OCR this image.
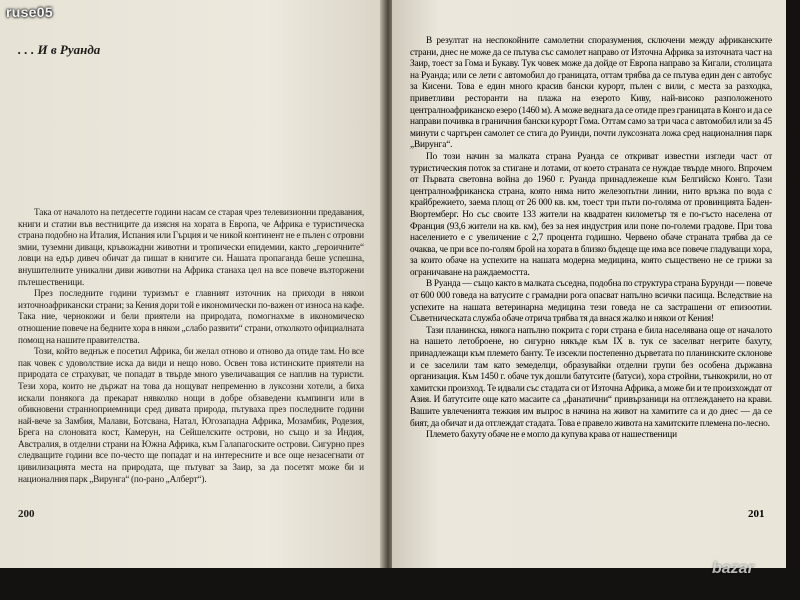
. . . И в Руанда

Така от началото на петдесетте години насам се старая чрез телевизионни предавания, книги и статии във вестниците да изясня на хората в Европа, че Африка е туристическа страна подобно на Италия, Испания или Гърция и че никой континент не е пълен с отровни змии, туземни диваци, кръвожадни животни и тропически епидемии, както „героичните“ ловци на едър дивеч обичат да пишат в книгите си. Нашата пропаганда беше успешна, внушителните уникални диви животни на Африка станаха цел на все повече възторжени пътешественици.

През последните години туризмът е главният източник на приходи в някои източноафрикански страни; за Кения дори той е икономически по-важен от износа на кафе. Така ние, чернокожи и бели приятели на природата, помогнахме в икономическо отношение повече на бедните хора в някои „слабо развити“ страни, отколкото официалната помощ на нашите правителства.

Този, който веднъж е посетил Африка, би желал отново и отново да отиде там. Но все пак човек с удоволствие иска да види и нещо ново. Освен това истинските приятели на природата се страхуват, че попадат в твърде много увеличаващия се наплив на туристи. Тези хора, които не държат на това да нощуват непременно в луксозни хотели, а биха искали понякога да прекарат нявколко нощи в добре обзаведени къмпинги или в обикновени странноприемници сред дивата природа, пътуваха през последните години най-вече за Замбия, Малави, Ботсвана, Натал, Югозападна Африка, Мозамбик, Родезия, Брега на слоновата кост, Камерун, на Сейшелските острови, но също и за Индия, Австралия, в отделни страни на Южна Африка, към Галапагоските острови. Сигурно през следващите години все по-често ще попадат и на интересните и все още незасегнати от цивилизацията места на природата, ще пътуват за Заир, за да посетят може би и националния парк „Вирунга“ (по-рано „Алберт“).

200

В резултат на неспокойните самолетни споразумения, сключени между африканските страни, днес не може да се пътува със самолет направо от Източна Африка за източната част на Заир, тоест за Гома и Букаву. Тук човек може да дойде от Европа направо за Кигали, столицата на Руанда; или се лети с автомобил до границата, оттам трябва да се пътува един ден с автобус за Кисени. Това е един много красив бански курорт, пълен с вили, с места за разходка, приветливи ресторанти на плажа на езерото Киву, най-високо разположеното централноафриканско езеро (1460 м). А може веднага да се отиде през границата в Конго и да се направи почивка в граничния бански курорт Гома. Оттам само за три часа с автомобил или за 45 минути с чартърен самолет се стига до Руинди, почти луксозната ложа сред националния парк „Вирунга“.

По този начин за малката страна Руанда се откриват известни изгледи част от туристическия поток за стигане и лотами, от което страната се нуждае твърде много. Впрочем от Първата световна война до 1960 г. Руанда принадлежеше към Белгийско Конго. Тази централноафриканска страна, която няма нито железопътни линии, нито връзка по вода с крайбрежието, заема площ от 26 000 кв. км, тоест три пъти по-голяма от провинцията Баден-Вюртемберг. Но със своите 133 жители на квадратен километър тя е по-гъсто населена от Франция (93,6 жители на кв. км), без за нея индустрия или поне по-големи градове. При това населението е с увеличение с 2,7 процента годишно. Червено обаче страната трябва да се очаква, че при все по-голям брой на хората в близко бъдеще ще има все повече гладуващи хора, за които обаче на успехите на нашата модерна медицина, която съществено не се грижи за ограничаване на раждаемостта.

В Руанда — също както в малката съседна, подобна по структура страна Бурунди — повече от 600 000 говеда на ватусите с грамадни рога опасват напълно всички пасища. Вследствие на успехите на нашата ветеринарна медицина тези говеда не са застрашени от епизоотии. Съветническата служба обаче отрича трябва тя да внася жалко и някои от Кения!

Тази планинска, някога напълно покрита с гори страна е била населявана още от началото на нашето летоброене, но сигурно някъде към IX в. тук се заселват негрите бахуту, принадлежащи към племето банту. Те изсекли постепенно дърветата по планинските склонове и се заселили там като земеделци, образувайки отделни групи без особена държавна организация. Към 1450 г. обаче тук дошли батутсите (батуси), хора стройни, тънкокрили, но от хамитски произход. Те идвали със стадата си от Източна Африка, а може би и те произхождат от Азия. И батутсите още като масаите са „фанатични“ привързаници на отглеждането на крави. Вашите увлеченията тежкия им въпрос в начина на живот на хамитите са и до днес — да се бият, да обичат и да отглеждат стадата. Това е правело живота на хамитските племена по-лесно.

Племето бахуту обаче не е могло да купува крава от нашественици

201
ruse05
bazar
